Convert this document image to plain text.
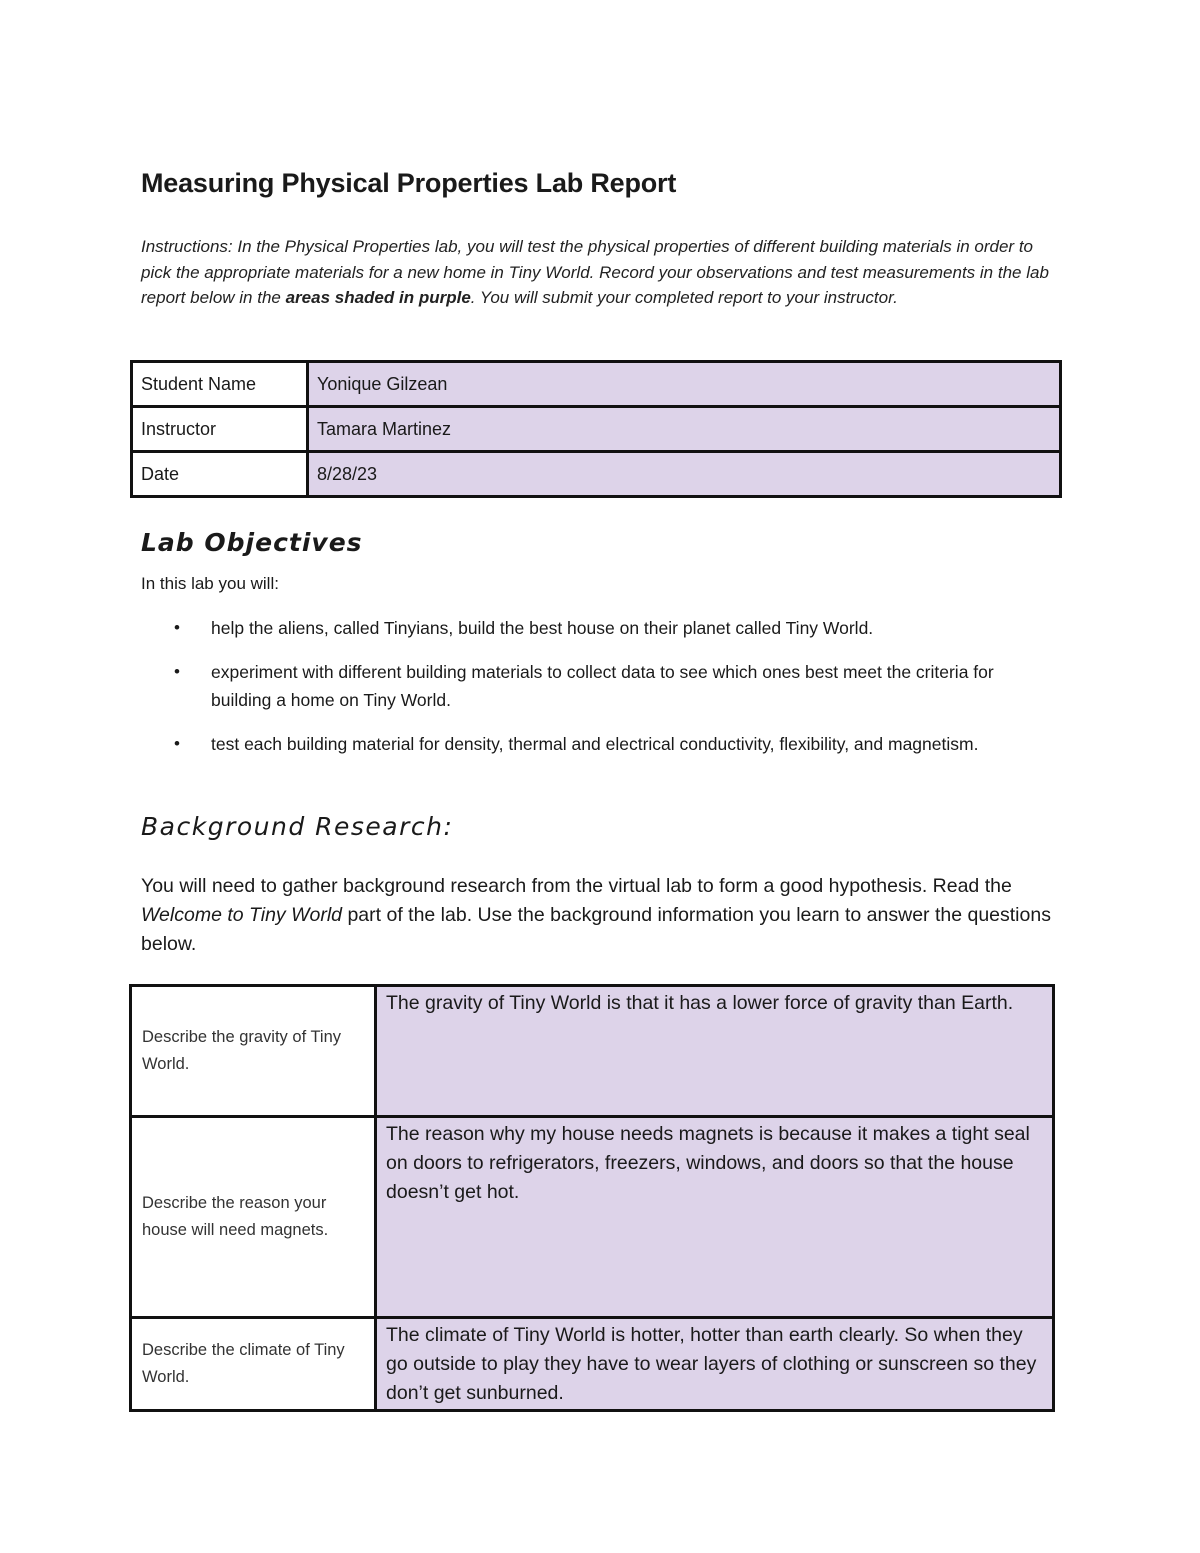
Measuring Physical Properties Lab Report

Instructions: In the Physical Properties lab, you will test the physical properties of different building materials in order to pick the appropriate materials for a new home in Tiny World. Record your observations and test measurements in the lab report below in the areas shaded in purple. You will submit your completed report to your instructor.

Student Name	Yonique Gilzean
Instructor	Tamara Martinez
Date	8/28/23
Lab Objectives

In this lab you will:

• help the aliens, called Tinyians, build the best house on their planet called Tiny World.
• experiment with different building materials to collect data to see which ones best meet the criteria for building a home on Tiny World.
• test each building material for density, thermal and electrical conductivity, flexibility, and magnetism.
Background Research:

You will need to gather background research from the virtual lab to form a good hypothesis. Read the Welcome to Tiny World part of the lab. Use the background information you learn to answer the questions below.

Describe the gravity of Tiny World.	The gravity of Tiny World is that it has a lower force of gravity than Earth.

Describe the reason your house will need magnets.	The reason why my house needs magnets is because it makes a tight seal on doors to refrigerators, freezers, windows, and doors so that the house doesn’t get hot.

Describe the climate of Tiny World.	The climate of Tiny World is hotter, hotter than earth clearly. So when they go outside to play they have to wear layers of clothing or sunscreen so they don’t get sunburned.
